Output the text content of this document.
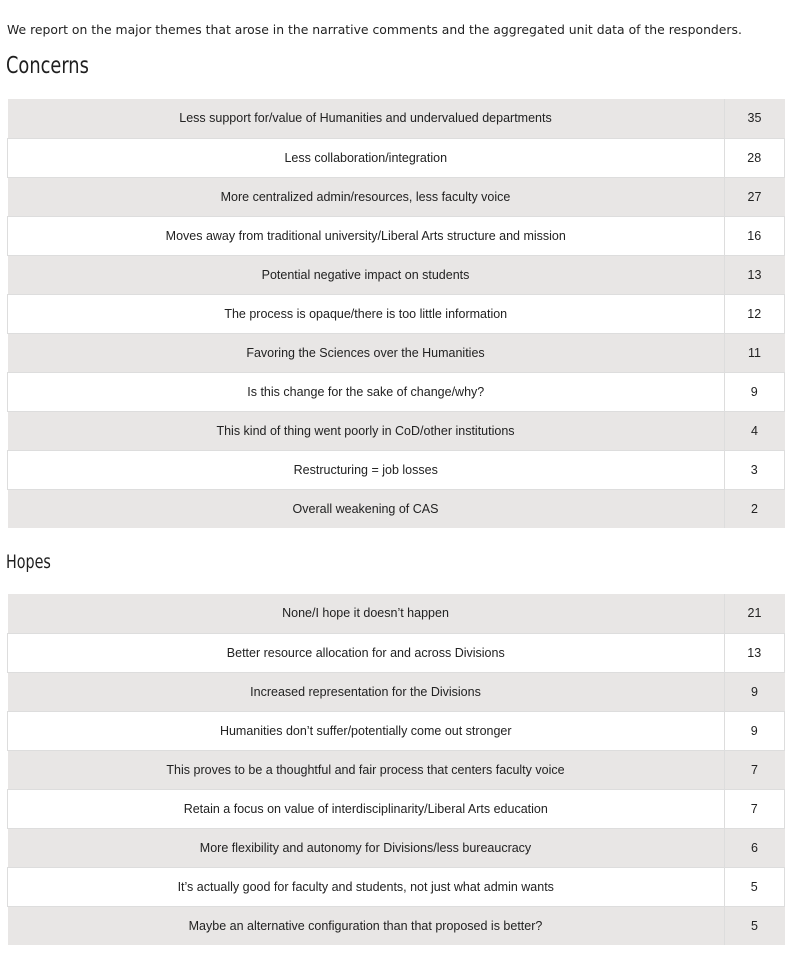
We report on the major themes that arose in the narrative comments and the aggregated unit data of the responders.

Concerns
Less support for/value of Humanities and undervalued departments	35
Less collaboration/integration	28
More centralized admin/resources, less faculty voice	27
Moves away from traditional university/Liberal Arts structure and mission	16
Potential negative impact on students	13
The process is opaque/there is too little information	12
Favoring the Sciences over the Humanities	11
Is this change for the sake of change/why?	9
This kind of thing went poorly in CoD/other institutions	4
Restructuring = job losses	3
Overall weakening of CAS	2
Hopes
None/I hope it doesn’t happen	21
Better resource allocation for and across Divisions	13
Increased representation for the Divisions	9
Humanities don’t suffer/potentially come out stronger	9
This proves to be a thoughtful and fair process that centers faculty voice	7
Retain a focus on value of interdisciplinarity/Liberal Arts education	7
More flexibility and autonomy for Divisions/less bureaucracy	6
It’s actually good for faculty and students, not just what admin wants	5
Maybe an alternative configuration than that proposed is better?	5
